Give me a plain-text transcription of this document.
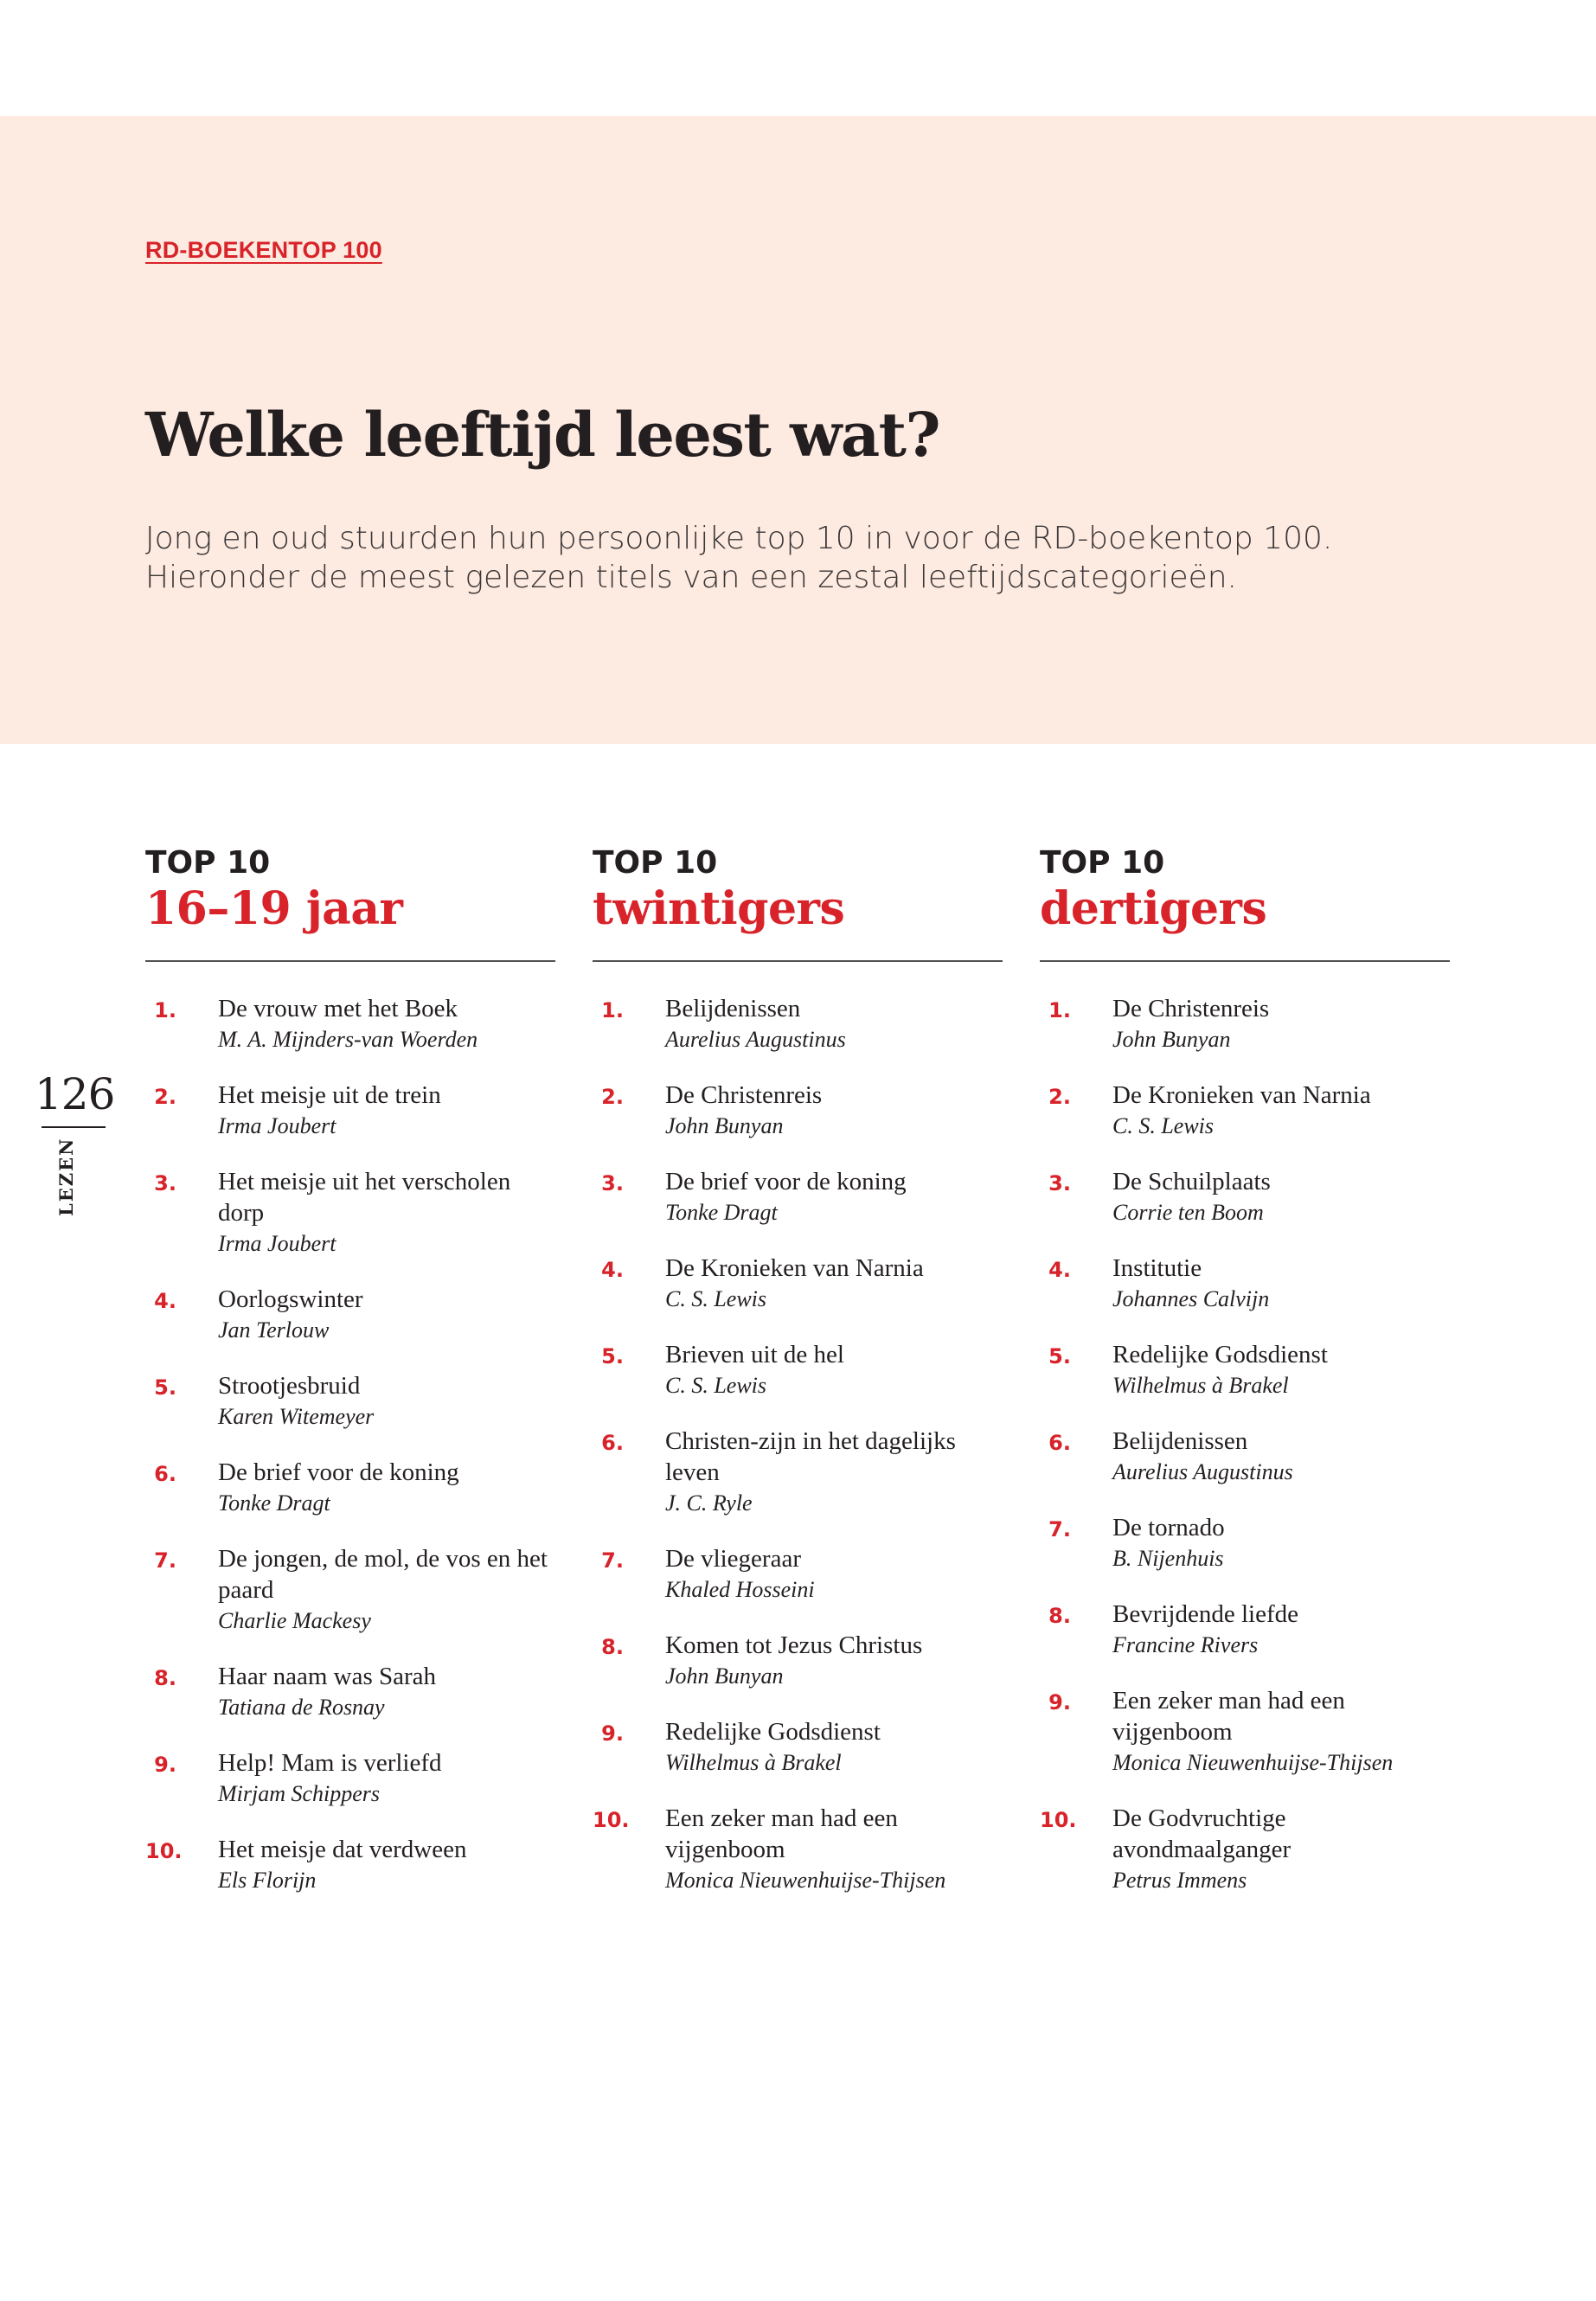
RD-BOEKENTOP 100
Welke leeftijd leest wat?

Jong en oud stuurden hun persoonlijke top 10 in voor de RD-boekentop 100.
Hieronder de meest gelezen titels van een zestal leeftijdscategorieën.

126
LEZEN
TOP 10
16–19 jaar
1. De vrouw met het Boek
M. A. Mijnders-van Woerden
2. Het meisje uit de trein
Irma Joubert
3. Het meisje uit het verscholen dorp
Irma Joubert
4. Oorlogswinter
Jan Terlouw
5. Strootjesbruid
Karen Witemeyer
6. De brief voor de koning
Tonke Dragt
7. De jongen, de mol, de vos en het paard
Charlie Mackesy
8. Haar naam was Sarah
Tatiana de Rosnay
9. Help! Mam is verliefd
Mirjam Schippers
10. Het meisje dat verdween
Els Florijn
TOP 10
twintigers
1. Belijdenissen
Aurelius Augustinus
2. De Christenreis
John Bunyan
3. De brief voor de koning
Tonke Dragt
4. De Kronieken van Narnia
C. S. Lewis
5. Brieven uit de hel
C. S. Lewis
6. Christen-zijn in het dagelijks leven
J. C. Ryle
7. De vliegeraar
Khaled Hosseini
8. Komen tot Jezus Christus
John Bunyan
9. Redelijke Godsdienst
Wilhelmus à Brakel
10. Een zeker man had een vijgenboom
Monica Nieuwenhuijse-Thijsen
TOP 10
dertigers
1. De Christenreis
John Bunyan
2. De Kronieken van Narnia
C. S. Lewis
3. De Schuilplaats
Corrie ten Boom
4. Institutie
Johannes Calvijn
5. Redelijke Godsdienst
Wilhelmus à Brakel
6. Belijdenissen
Aurelius Augustinus
7. De tornado
B. Nijenhuis
8. Bevrijdende liefde
Francine Rivers
9. Een zeker man had een vijgenboom
Monica Nieuwenhuijse-Thijsen
10. De Godvruchtige avondmaalganger
Petrus Immens
